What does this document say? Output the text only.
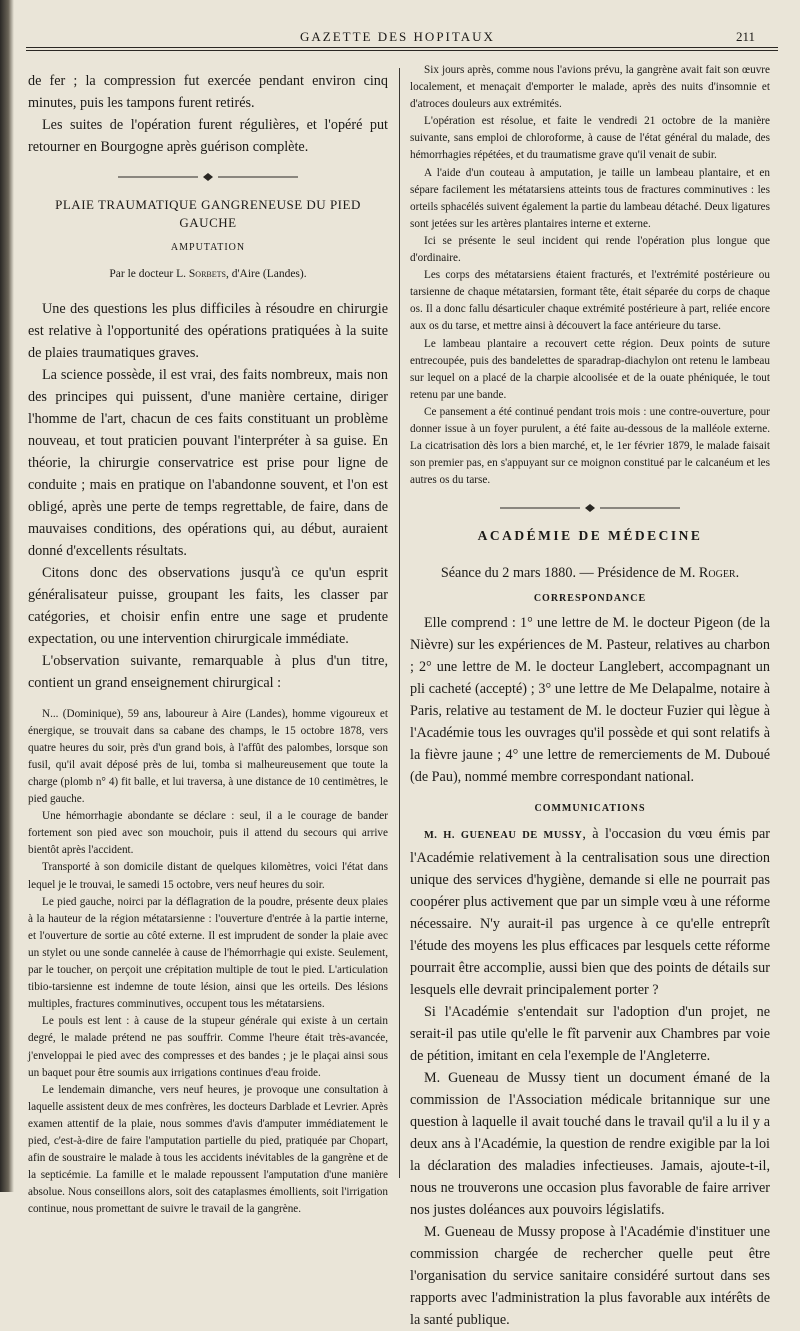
GAZETTE DES HOPITAUX	211

de fer ; la compression fut exercée pendant environ cinq minutes, puis les tampons furent retirés.

Les suites de l'opération furent régulières, et l'opéré put retourner en Bourgogne après guérison complète.

PLAIE TRAUMATIQUE GANGRENEUSE DU PIED GAUCHE
AMPUTATION
Par le docteur L. Sorbets, d'Aire (Landes).

Une des questions les plus difficiles à résoudre en chirurgie est relative à l'opportunité des opérations pratiquées à la suite de plaies traumatiques graves.

La science possède, il est vrai, des faits nombreux, mais non des principes qui puissent, d'une manière certaine, diriger l'homme de l'art, chacun de ces faits constituant un problème nouveau, et tout praticien pouvant l'interpréter à sa guise. En théorie, la chirurgie conservatrice est prise pour ligne de conduite ; mais en pratique on l'abandonne souvent, et l'on est obligé, après une perte de temps regrettable, de faire, dans de mauvaises conditions, des opérations qui, au début, auraient donné d'excellents résultats.

Citons donc des observations jusqu'à ce qu'un esprit généralisateur puisse, groupant les faits, les classer par catégories, et choisir enfin entre une sage et prudente expectation, ou une intervention chirurgicale immédiate.

L'observation suivante, remarquable à plus d'un titre, contient un grand enseignement chirurgical :

N... (Dominique), 59 ans, laboureur à Aire (Landes), homme vigoureux et énergique, se trouvait dans sa cabane des champs, le 15 octobre 1878, vers quatre heures du soir, près d'un grand bois, à l'affût des palombes, lorsque son fusil, qu'il avait déposé près de lui, tomba si malheureusement que toute la charge (plomb n° 4) fit balle, et lui traversa, à une distance de 10 centimètres, le pied gauche.

Une hémorrhagie abondante se déclare : seul, il a le courage de bander fortement son pied avec son mouchoir, puis il attend du secours qui arrive bientôt après l'accident.

Transporté à son domicile distant de quelques kilomètres, voici l'état dans lequel je le trouvai, le samedi 15 octobre, vers neuf heures du soir.

Le pied gauche, noirci par la déflagration de la poudre, présente deux plaies à la hauteur de la région métatarsienne : l'ouverture d'entrée à la partie interne, et l'ouverture de sortie au côté externe. Il est imprudent de sonder la plaie avec un stylet ou une sonde cannelée à cause de l'hémorrhagie qui existe. Seulement, par le toucher, on perçoit une crépitation multiple de tout le pied. L'articulation tibio-tarsienne est indemne de toute lésion, ainsi que les orteils. Des lésions multiples, fractures comminutives, occupent tous les métatarsiens.

Le pouls est lent : à cause de la stupeur générale qui existe à un certain degré, le malade prétend ne pas souffrir. Comme l'heure était très-avancée, j'enveloppai le pied avec des compresses et des bandes ; je le plaçai ainsi sous un baquet pour être soumis aux irrigations continues d'eau froide.

Le lendemain dimanche, vers neuf heures, je provoque une consultation à laquelle assistent deux de mes confrères, les docteurs Darblade et Levrier. Après examen attentif de la plaie, nous sommes d'avis d'amputer immédiatement le pied, c'est-à-dire de faire l'amputation partielle du pied, pratiquée par Chopart, afin de soustraire le malade à tous les accidents inévitables de la gangrène et de la septicémie. La famille et le malade repoussent l'amputation d'une manière absolue. Nous conseillons alors, soit des cataplasmes émollients, soit l'irrigation continue, nous promettant de suivre le travail de la gangrène.

Six jours après, comme nous l'avions prévu, la gangrène avait fait son œuvre localement, et menaçait d'emporter le malade, après des nuits d'insomnie et d'atroces douleurs aux extrémités.

L'opération est résolue, et faite le vendredi 21 octobre de la manière suivante, sans emploi de chloroforme, à cause de l'état général du malade, des hémorrhagies répétées, et du traumatisme grave qu'il venait de subir.

A l'aide d'un couteau à amputation, je taille un lambeau plantaire, et en sépare facilement les métatarsiens atteints tous de fractures comminutives : les orteils sphacélés suivent également la partie du lambeau détaché. Deux ligatures sont jetées sur les artères plantaires interne et externe.

Ici se présente le seul incident qui rende l'opération plus longue que d'ordinaire.

Les corps des métatarsiens étaient fracturés, et l'extrémité postérieure ou tarsienne de chaque métatarsien, formant tête, était séparée du corps de chaque os. Il a donc fallu désarticuler chaque extrémité postérieure à part, reliée encore aux os du tarse, et mettre ainsi à découvert la face antérieure du tarse.

Le lambeau plantaire a recouvert cette région. Deux points de suture entrecoupée, puis des bandelettes de sparadrap-diachylon ont retenu le lambeau sur lequel on a placé de la charpie alcoolisée et de la ouate phéniquée, le tout retenu par une bande.

Ce pansement a été continué pendant trois mois : une contre-ouverture, pour donner issue à un foyer purulent, a été faite au-dessous de la malléole externe. La cicatrisation dès lors a bien marché, et, le 1er février 1879, le malade faisait son premier pas, en s'appuyant sur ce moignon constitué par le calcanéum et les autres os du tarse.

ACADÉMIE DE MÉDECINE

Séance du 2 mars 1880. — Présidence de M. Roger.

CORRESPONDANCE

Elle comprend : 1° une lettre de M. le docteur Pigeon (de la Nièvre) sur les expériences de M. Pasteur, relatives au charbon ; 2° une lettre de M. le docteur Langlebert, accompagnant un pli cacheté (accepté) ; 3° une lettre de Me Delapalme, notaire à Paris, relative au testament de M. le docteur Fuzier qui lègue à l'Académie tous les ouvrages qu'il possède et qui sont relatifs à la fièvre jaune ; 4° une lettre de remerciements de M. Duboué (de Pau), nommé membre correspondant national.

COMMUNICATIONS

M. H. GUENEAU DE MUSSY, à l'occasion du vœu émis par l'Académie relativement à la centralisation sous une direction unique des services d'hygiène, demande si elle ne pourrait pas coopérer plus activement que par un simple vœu à une réforme nécessaire. N'y aurait-il pas urgence à ce qu'elle entreprît l'étude des moyens les plus efficaces par lesquels cette réforme pourrait être accomplie, aussi bien que des points de détails sur lesquels elle devrait principalement porter ?

Si l'Académie s'entendait sur l'adoption d'un projet, ne serait-il pas utile qu'elle le fît parvenir aux Chambres par voie de pétition, imitant en cela l'exemple de l'Angleterre.

M. Gueneau de Mussy tient un document émané de la commission de l'Association médicale britannique sur une question à laquelle il avait touché dans le travail qu'il a lu il y a deux ans à l'Académie, la question de rendre exigible par la loi la déclaration des maladies infectieuses. Jamais, ajoute-t-il, nous ne trouverons une occasion plus favorable de faire arriver nos justes doléances aux pouvoirs législatifs.

M. Gueneau de Mussy propose à l'Académie d'instituer une commission chargée de rechercher quelle peut être l'organisation du service sanitaire considéré surtout dans ses rapports avec l'administration la plus favorable aux intérêts de la santé publique.
